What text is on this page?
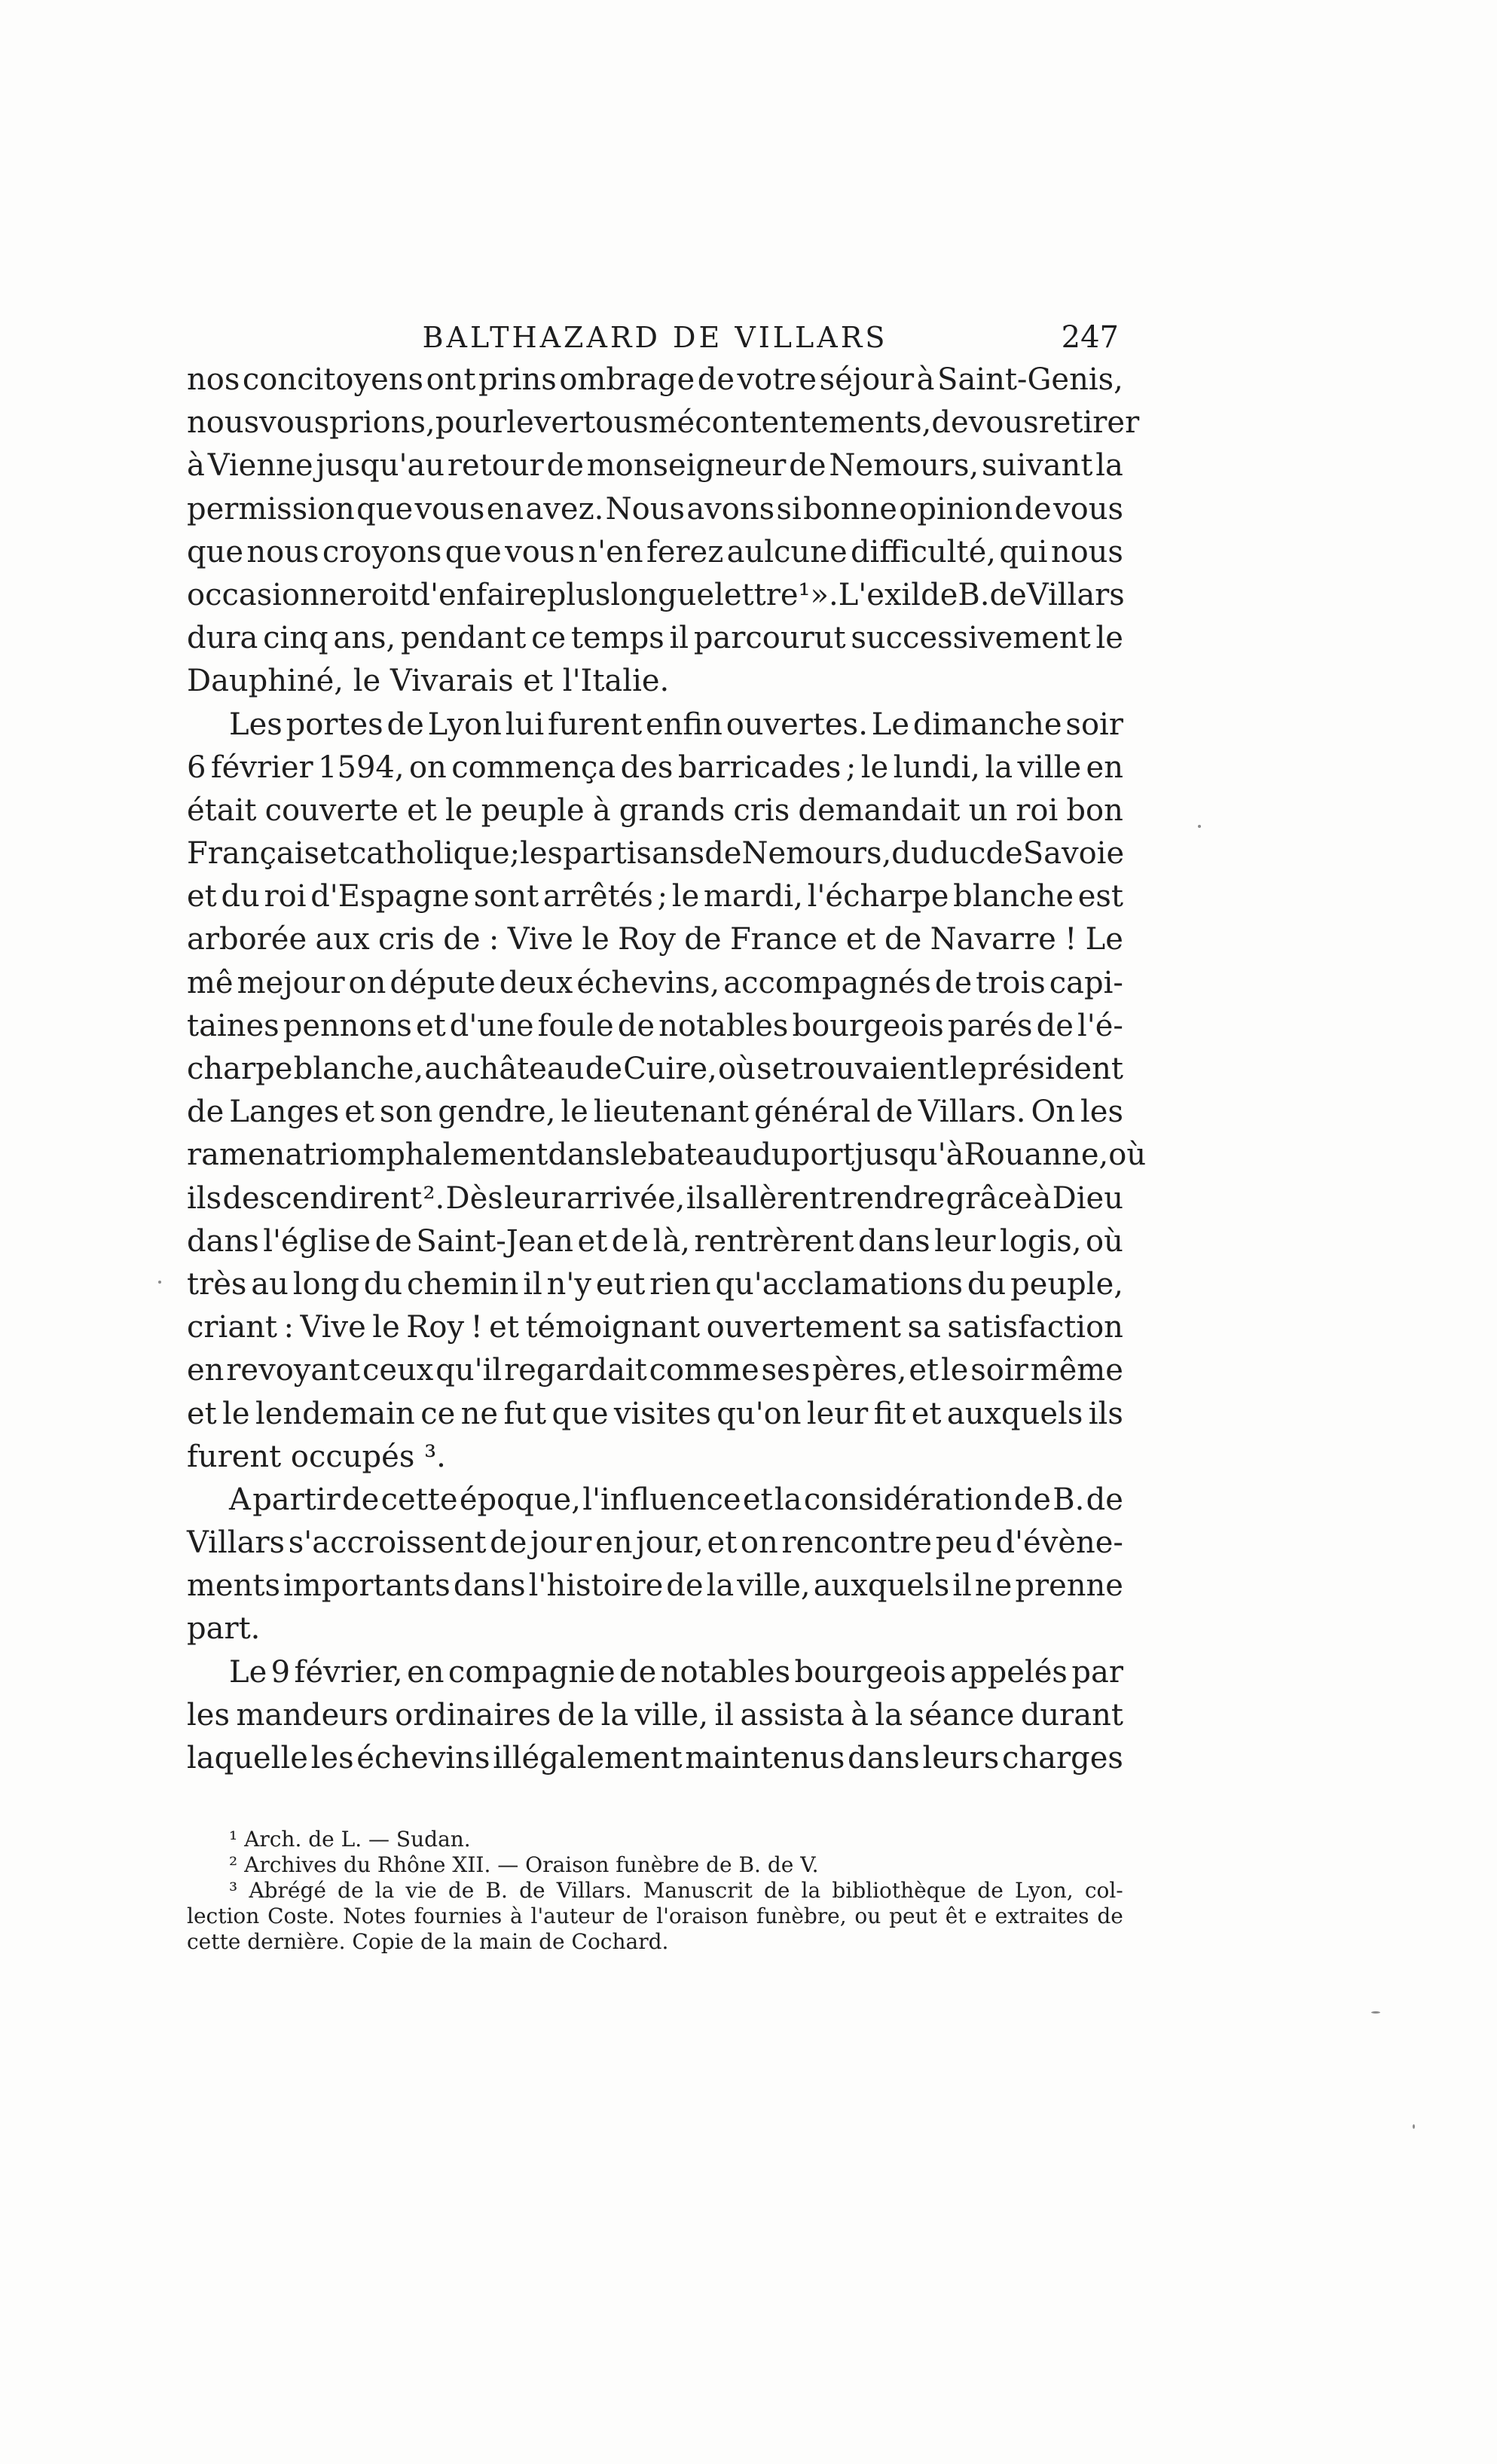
BALTHAZARD DE VILLARS	247
nos concitoyens ont prins ombrage de votre séjour à Saint-Genis,
nous vous prions, pour lever tous mécontentements, de vous retirer
à Vienne jusqu'au retour de monseigneur de Nemours, suivant la
permission que vous en avez. Nous avons si bonne opinion de vous
que nous croyons que vous n'en ferez aulcune difficulté, qui nous
occasionneroit d'en faire plus longue lettre¹ ». L'exil de B. de Villars
dura cinq ans, pendant ce temps il parcourut successivement le
Dauphiné, le Vivarais et l'Italie.
Les portes de Lyon lui furent enfin ouvertes. Le dimanche soir
6 février 1594, on commença des barricades ; le lundi, la ville en
était couverte et le peuple à grands cris demandait un roi bon
Français et catholique ; les partisans de Nemours, du duc de Savoie
et du roi d'Espagne sont arrêtés ; le mardi, l'écharpe blanche est
arborée aux cris de : Vive le Roy de France et de Navarre ! Le
mê mejour on députe deux échevins, accompagnés de trois capi-
taines pennons et d'une foule de notables bourgeois parés de l'é-
charpe blanche, au château de Cuire, où se trouvaient le président
de Langes et son gendre, le lieutenant général de Villars. On les
ramena triomphalement dans le bateau du port jusqu'à Rouanne, où
ils descendirent ². Dès leur arrivée, ils allèrent rendre grâce à Dieu
dans l'église de Saint-Jean et de là, rentrèrent dans leur logis, où
très au long du chemin il n'y eut rien qu'acclamations du peuple,
criant : Vive le Roy ! et témoignant ouvertement sa satisfaction
en revoyant ceux qu'il regardait comme ses pères, et le soir même
et le lendemain ce ne fut que visites qu'on leur fit et auxquels ils
furent occupés ³.
A partir de cette époque, l'influence et la considération de B. de
Villars s'accroissent de jour en jour, et on rencontre peu d'évène-
ments importants dans l'histoire de la ville, auxquels il ne prenne
part.
Le 9 février, en compagnie de notables bourgeois appelés par
les mandeurs ordinaires de la ville, il assista à la séance durant
laquelle les échevins illégalement maintenus dans leurs charges
¹ Arch. de L. — Sudan.
² Archives du Rhône XII. — Oraison funèbre de B. de V.
³ Abrégé de la vie de B. de Villars. Manuscrit de la bibliothèque de Lyon, col-
lection Coste. Notes fournies à l'auteur de l'oraison funèbre, ou peut êt e extraites de
cette dernière. Copie de la main de Cochard.
